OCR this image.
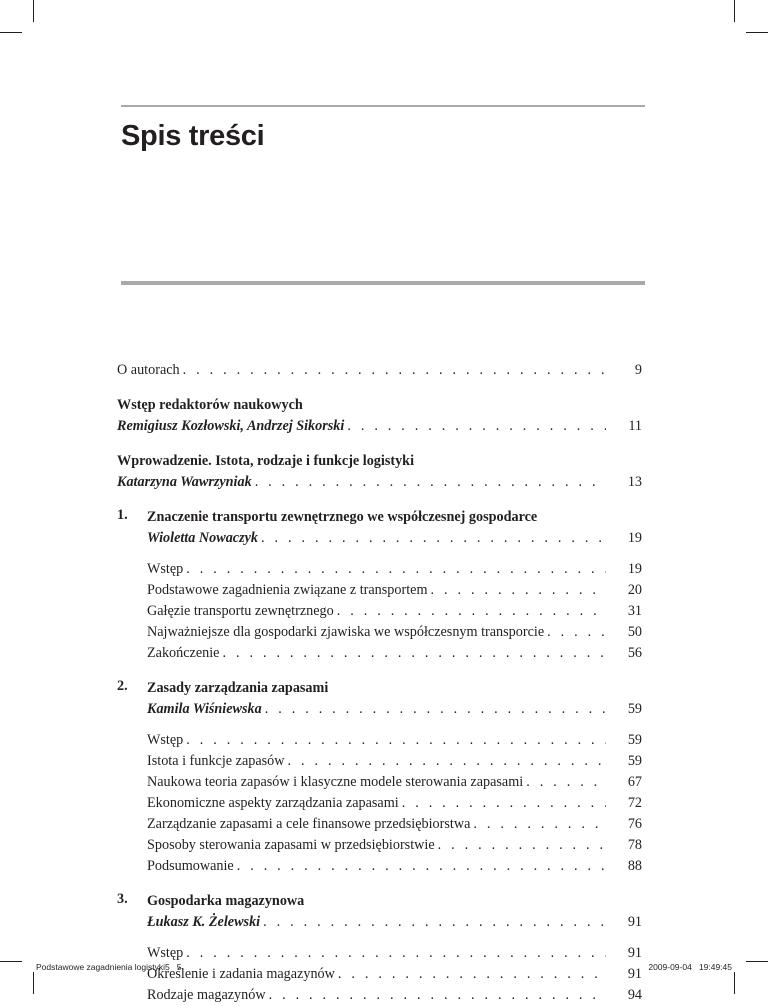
Spis treści
O autorach . . .	9
Wstęp redaktorów naukowych
Remigiusz Kozłowski, Andrzej Sikorski . . .	11
Wprowadzenie. Istota, rodzaje i funkcje logistyki
Katarzyna Wawrzyniak . . .	13
1. Znaczenie transportu zewnętrznego we współczesnej gospodarce
Wioletta Nowaczyk . . .	19
Wstęp . . .	19
Podstawowe zagadnienia związane z transportem . . .	20
Gałęzie transportu zewnętrznego . . .	31
Najważniejsze dla gospodarki zjawiska we współczesnym transporcie . . .	50
Zakończenie . . .	56
2. Zasady zarządzania zapasami
Kamila Wiśniewska . . .	59
Wstęp . . .	59
Istota i funkcje zapasów . . .	59
Naukowa teoria zapasów i klasyczne modele sterowania zapasami . . .	67
Ekonomiczne aspekty zarządzania zapasami . . .	72
Zarządzanie zapasami a cele finansowe przedsiębiorstwa . . .	76
Sposoby sterowania zapasami w przedsiębiorstwie . . .	78
Podsumowanie . . .	88
3. Gospodarka magazynowa
Łukasz K. Żelewski . . .	91
Wstęp . . .	91
Określenie i zadania magazynów . . .	91
Rodzaje magazynów . . .	94
Podstawowe zagadnienia logistyki5   5	2009-09-04   19:49:45
